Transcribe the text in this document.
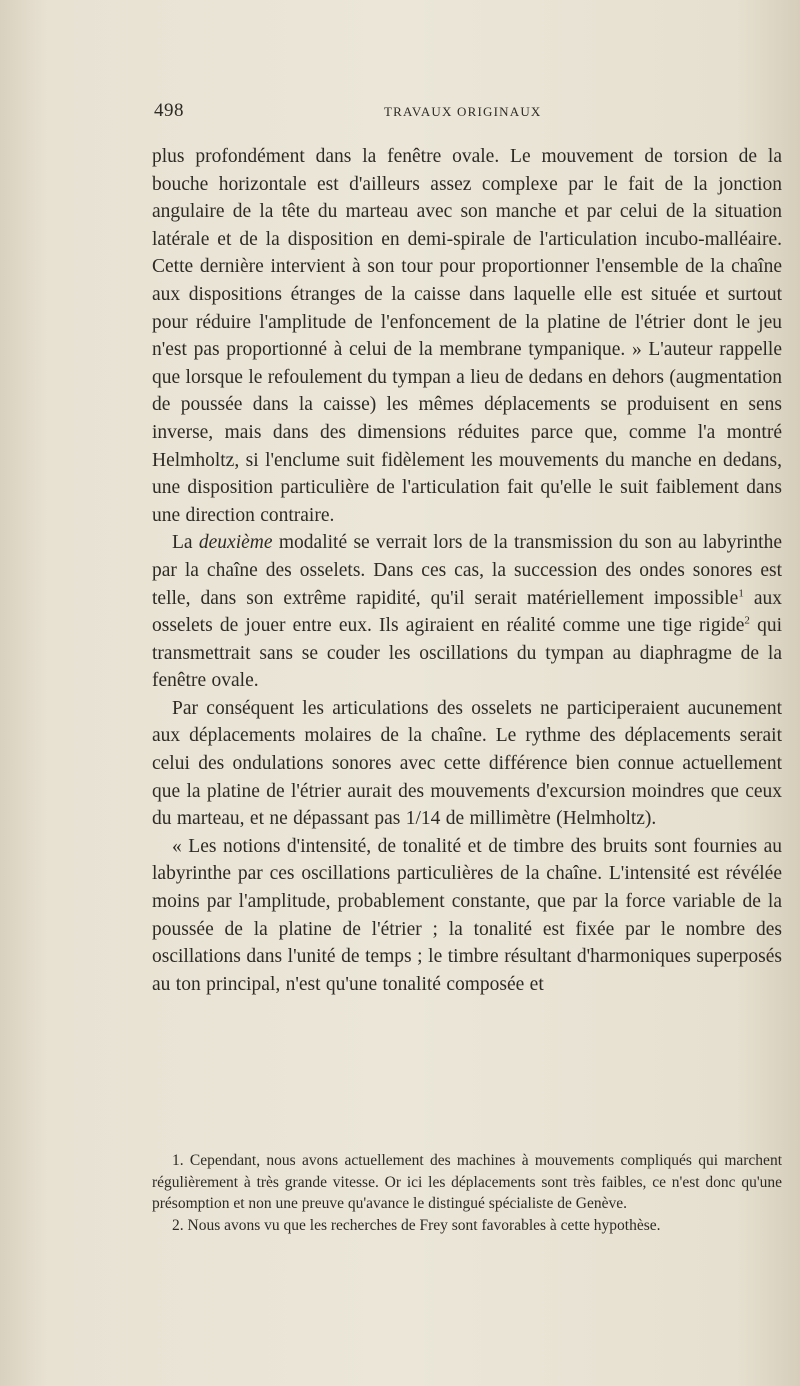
498	TRAVAUX ORIGINAUX

plus profondément dans la fenêtre ovale. Le mouvement de torsion de la bouche horizontale est d'ailleurs assez complexe par le fait de la jonction angulaire de la tête du marteau avec son manche et par celui de la situation latérale et de la disposition en demi-spirale de l'articulation incubo-malléaire. Cette dernière intervient à son tour pour proportionner l'ensemble de la chaîne aux dispositions étranges de la caisse dans laquelle elle est située et surtout pour réduire l'amplitude de l'enfoncement de la platine de l'étrier dont le jeu n'est pas proportionné à celui de la membrane tympanique. » L'auteur rappelle que lorsque le refoulement du tympan a lieu de dedans en dehors (augmentation de poussée dans la caisse) les mêmes déplacements se produisent en sens inverse, mais dans des dimensions réduites parce que, comme l'a montré Helmholtz, si l'enclume suit fidèlement les mouvements du manche en dedans, une disposition particulière de l'articulation fait qu'elle le suit faiblement dans une direction contraire.

La deuxième modalité se verrait lors de la transmission du son au labyrinthe par la chaîne des osselets. Dans ces cas, la succession des ondes sonores est telle, dans son extrême rapidité, qu'il serait matériellement impossible$^1$ aux osselets de jouer entre eux. Ils agiraient en réalité comme une tige rigide$^2$ qui transmettrait sans se couder les oscillations du tympan au diaphragme de la fenêtre ovale.

Par conséquent les articulations des osselets ne participeraient aucunement aux déplacements molaires de la chaîne. Le rythme des déplacements serait celui des ondulations sonores avec cette différence bien connue actuellement que la platine de l'étrier aurait des mouvements d'excursion moindres que ceux du marteau, et ne dépassant pas 1/14 de millimètre (Helmholtz).

« Les notions d'intensité, de tonalité et de timbre des bruits sont fournies au labyrinthe par ces oscillations particulières de la chaîne. L'intensité est révélée moins par l'amplitude, probablement constante, que par la force variable de la poussée de la platine de l'étrier ; la tonalité est fixée par le nombre des oscillations dans l'unité de temps ; le timbre résultant d'harmoniques superposés au ton principal, n'est qu'une tonalité composée et

1. Cependant, nous avons actuellement des machines à mouvements compliqués qui marchent régulièrement à très grande vitesse. Or ici les déplacements sont très faibles, ce n'est donc qu'une présomption et non une preuve qu'avance le distingué spécialiste de Genève.

2. Nous avons vu que les recherches de Frey sont favorables à cette hypothèse.
